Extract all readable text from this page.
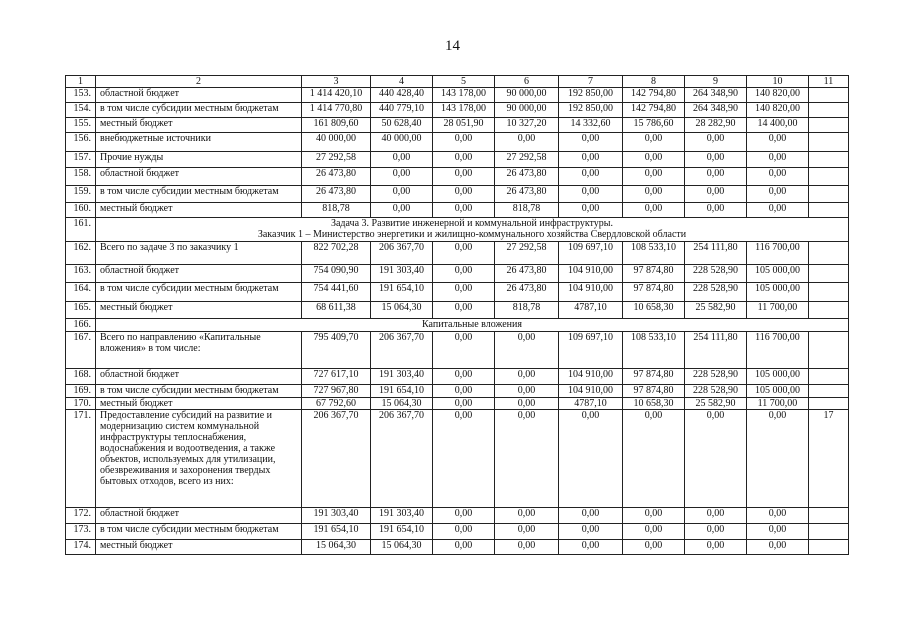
14
1	2	3	4	5	6	7	8	9	10	11
153.	областной бюджет	1 414 420,10	440 428,40	143 178,00	90 000,00	192 850,00	142 794,80	264 348,90	140 820,00	
154.	в том числе субсидии местным бюджетам	1 414 770,80	440 779,10	143 178,00	90 000,00	192 850,00	142 794,80	264 348,90	140 820,00	
155.	местный бюджет	161 809,60	50 628,40	28 051,90	10 327,20	14 332,60	15 786,60	28 282,90	14 400,00	
156.	внебюджетные источники	40 000,00	40 000,00	0,00	0,00	0,00	0,00	0,00	0,00	
157.	Прочие нужды	27 292,58	0,00	0,00	27 292,58	0,00	0,00	0,00	0,00	
158.	областной бюджет	26 473,80	0,00	0,00	26 473,80	0,00	0,00	0,00	0,00	
159.	в том числе субсидии местным бюджетам	26 473,80	0,00	0,00	26 473,80	0,00	0,00	0,00	0,00	
160.	местный бюджет	818,78	0,00	0,00	818,78	0,00	0,00	0,00	0,00	
161.	Задача 3. Развитие инженерной и коммунальной инфраструктуры.
Заказчик 1 – Министерство энергетики и жилищно-коммунального хозяйства Свердловской области									

162.	Всего по задаче 3 по заказчику 1	822 702,28	206 367,70	0,00	27 292,58	109 697,10	108 533,10	254 111,80	116 700,00	
163.	областной бюджет	754 090,90	191 303,40	0,00	26 473,80	104 910,00	97 874,80	228 528,90	105 000,00	
164.	в том числе субсидии местным бюджетам	754 441,60	191 654,10	0,00	26 473,80	104 910,00	97 874,80	228 528,90	105 000,00	
165.	местный бюджет	68 611,38	15 064,30	0,00	818,78	4787,10	10 658,30	25 582,90	11 700,00	
166.	Капитальные вложения									

167.	Всего по направлению «Капитальные вложения» в том числе:	795 409,70	206 367,70	0,00	0,00	109 697,10	108 533,10	254 111,80	116 700,00	
168.	областной бюджет	727 617,10	191 303,40	0,00	0,00	104 910,00	97 874,80	228 528,90	105 000,00	
169.	в том числе субсидии местным бюджетам	727 967,80	191 654,10	0,00	0,00	104 910,00	97 874,80	228 528,90	105 000,00	
170.	местный бюджет	67 792,60	15 064,30	0,00	0,00	4787,10	10 658,30	25 582,90	11 700,00	
171.	Предоставление субсидий на развитие и модернизацию систем коммунальной инфраструктуры теплоснабжения, водоснабжения и водоотведения, а также объектов, используемых для утилизации, обезвреживания и захоронения твердых бытовых отходов, всего из них:	206 367,70	206 367,70	0,00	0,00	0,00	0,00	0,00	0,00	17
172.	областной бюджет	191 303,40	191 303,40	0,00	0,00	0,00	0,00	0,00	0,00	
173.	в том числе субсидии местным бюджетам	191 654,10	191 654,10	0,00	0,00	0,00	0,00	0,00	0,00	
174.	местный бюджет	15 064,30	15 064,30	0,00	0,00	0,00	0,00	0,00	0,00	
